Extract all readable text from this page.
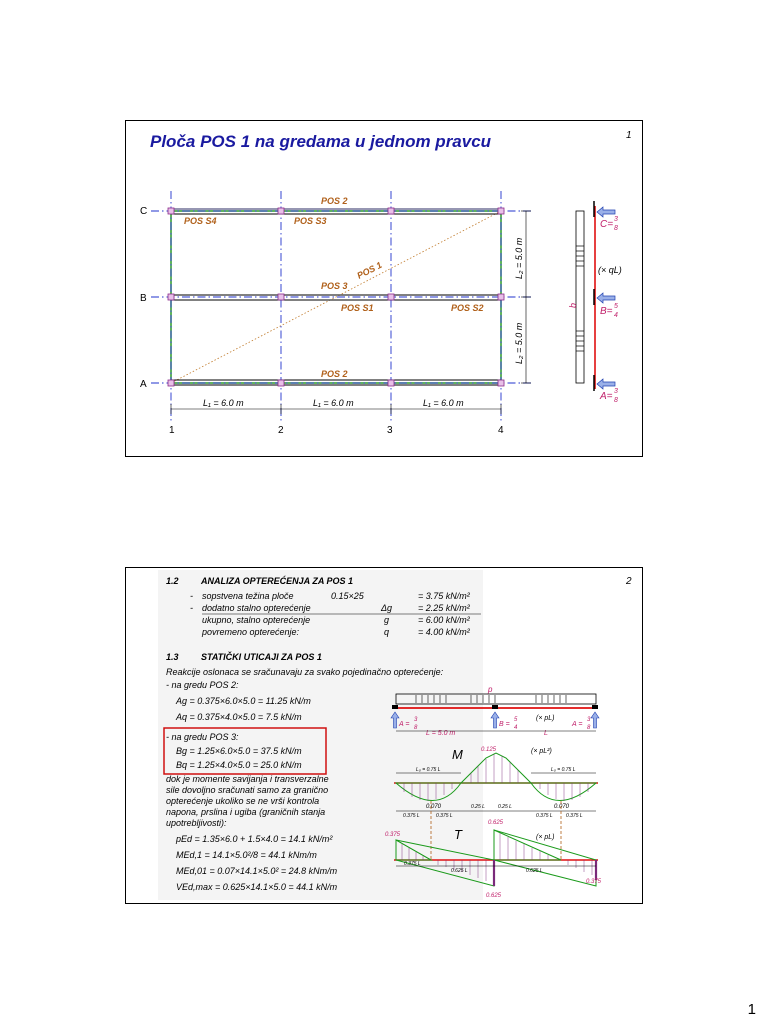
Ploča POS 1 na gredama u jednom pravcu	1
C
B
A
1	2	3	4
POS 2
POS 3
POS 2
POS 1
POS S4	POS S3
POS S1	POS S2
L₁ = 6.0 m	L₁ = 6.0 m	L₁ = 6.0 m
L₂ = 5.0 m
L₂ = 5.0 m
q
(× qL)
C= 3
8
B= 5
4
A= 3
8
2
1.2 ANALIZA OPTEREĆENJA ZA POS 1
- sopstvena težina ploče	0.15×25	= 3.75 kN/m²
- dodatno stalno opterećenje	Δg	= 2.25 kN/m²
ukupno, stalno opterećenje	g	= 6.00 kN/m²
povremeno opterećenje:	q	= 4.00 kN/m²
1.3 STATIČKI UTICAJI ZA POS 1
Reakcije oslonaca se sračunavaju za svako pojedinačno opterećenje:
- na gredu POS 2:
Ag = 0.375×6.0×5.0 = 11.25 kN/m
Aq = 0.375×4.0×5.0 = 7.5 kN/m
- na gredu POS 3:
Bg = 1.25×6.0×5.0 = 37.5 kN/m
Bq = 1.25×4.0×5.0 = 25.0 kN/m
dok je momente savijanja i transverzalne
sile dovoljno sračunati samo za granično
opterećenje ukoliko se ne vrši kontrola
napona, prslina i ugiba (graničnih stanja
upotrebljivosti):
pEd = 1.35×6.0 + 1.5×4.0 = 14.1 kN/m²
MEd,1 = 14.1×5.0²/8 = 44.1 kNm/m
MEd,01 = 0.07×14.1×5.0² = 24.8 kNm/m
VEd,max = 0.625×14.1×5.0 = 44.1 kN/m
p
A =
3
8	B =
5
4	A =
3
8
L = 5.0 m	L
(× pL)
M	(× pL²)
0.125
L₀ = 0.75 L	L₀ = 0.75 L
0.070	0.070
0.375 L	0.375 L
0.25 L	0.25 L
0.375 L	0.375 L
T	(× pL)
0.375
0.625
0.375 L
0.625 L	0.625 L
0.625
0.375
1
